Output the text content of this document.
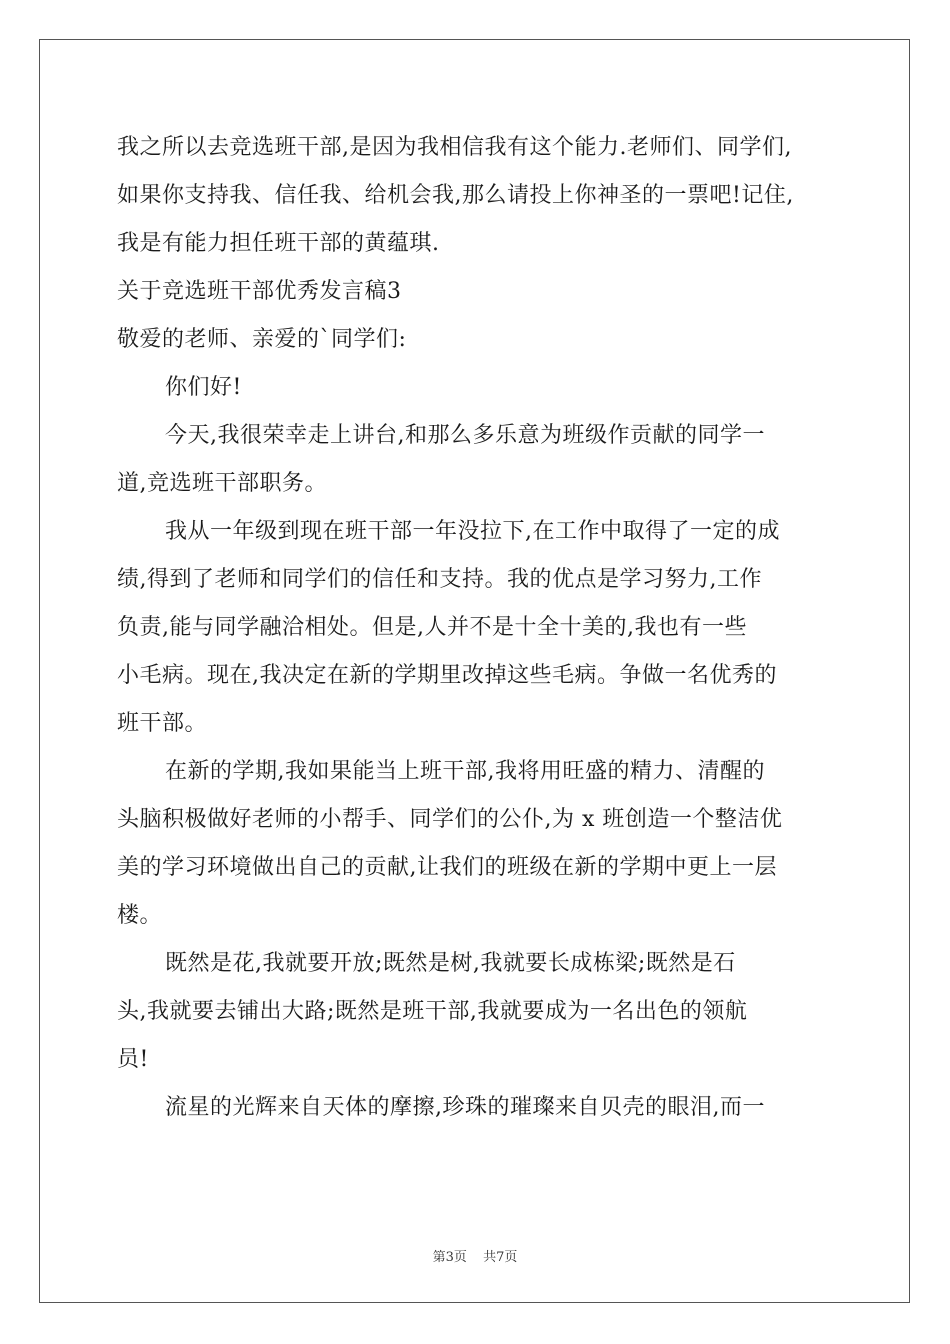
我之所以去竞选班干部,是因为我相信我有这个能力.老师们、同学们,
如果你支持我、信任我、给机会我,那么请投上你神圣的一票吧!记住,
我是有能力担任班干部的黄蕴琪.
关于竞选班干部优秀发言稿3
敬爱的老师、亲爱的`同学们:
你们好!
今天,我很荣幸走上讲台,和那么多乐意为班级作贡献的同学一
道,竞选班干部职务。
我从一年级到现在班干部一年没拉下,在工作中取得了一定的成
绩,得到了老师和同学们的信任和支持。我的优点是学习努力,工作
负责,能与同学融洽相处。但是,人并不是十全十美的,我也有一些
小毛病。现在,我决定在新的学期里改掉这些毛病。争做一名优秀的
班干部。
在新的学期,我如果能当上班干部,我将用旺盛的精力、清醒的
头脑积极做好老师的小帮手、同学们的公仆,为 x 班创造一个整洁优
美的学习环境做出自己的贡献,让我们的班级在新的学期中更上一层
楼。
既然是花,我就要开放;既然是树,我就要长成栋梁;既然是石
头,我就要去铺出大路;既然是班干部,我就要成为一名出色的领航
员!
流星的光辉来自天体的摩擦,珍珠的璀璨来自贝壳的眼泪,而一
第3页 共7页
